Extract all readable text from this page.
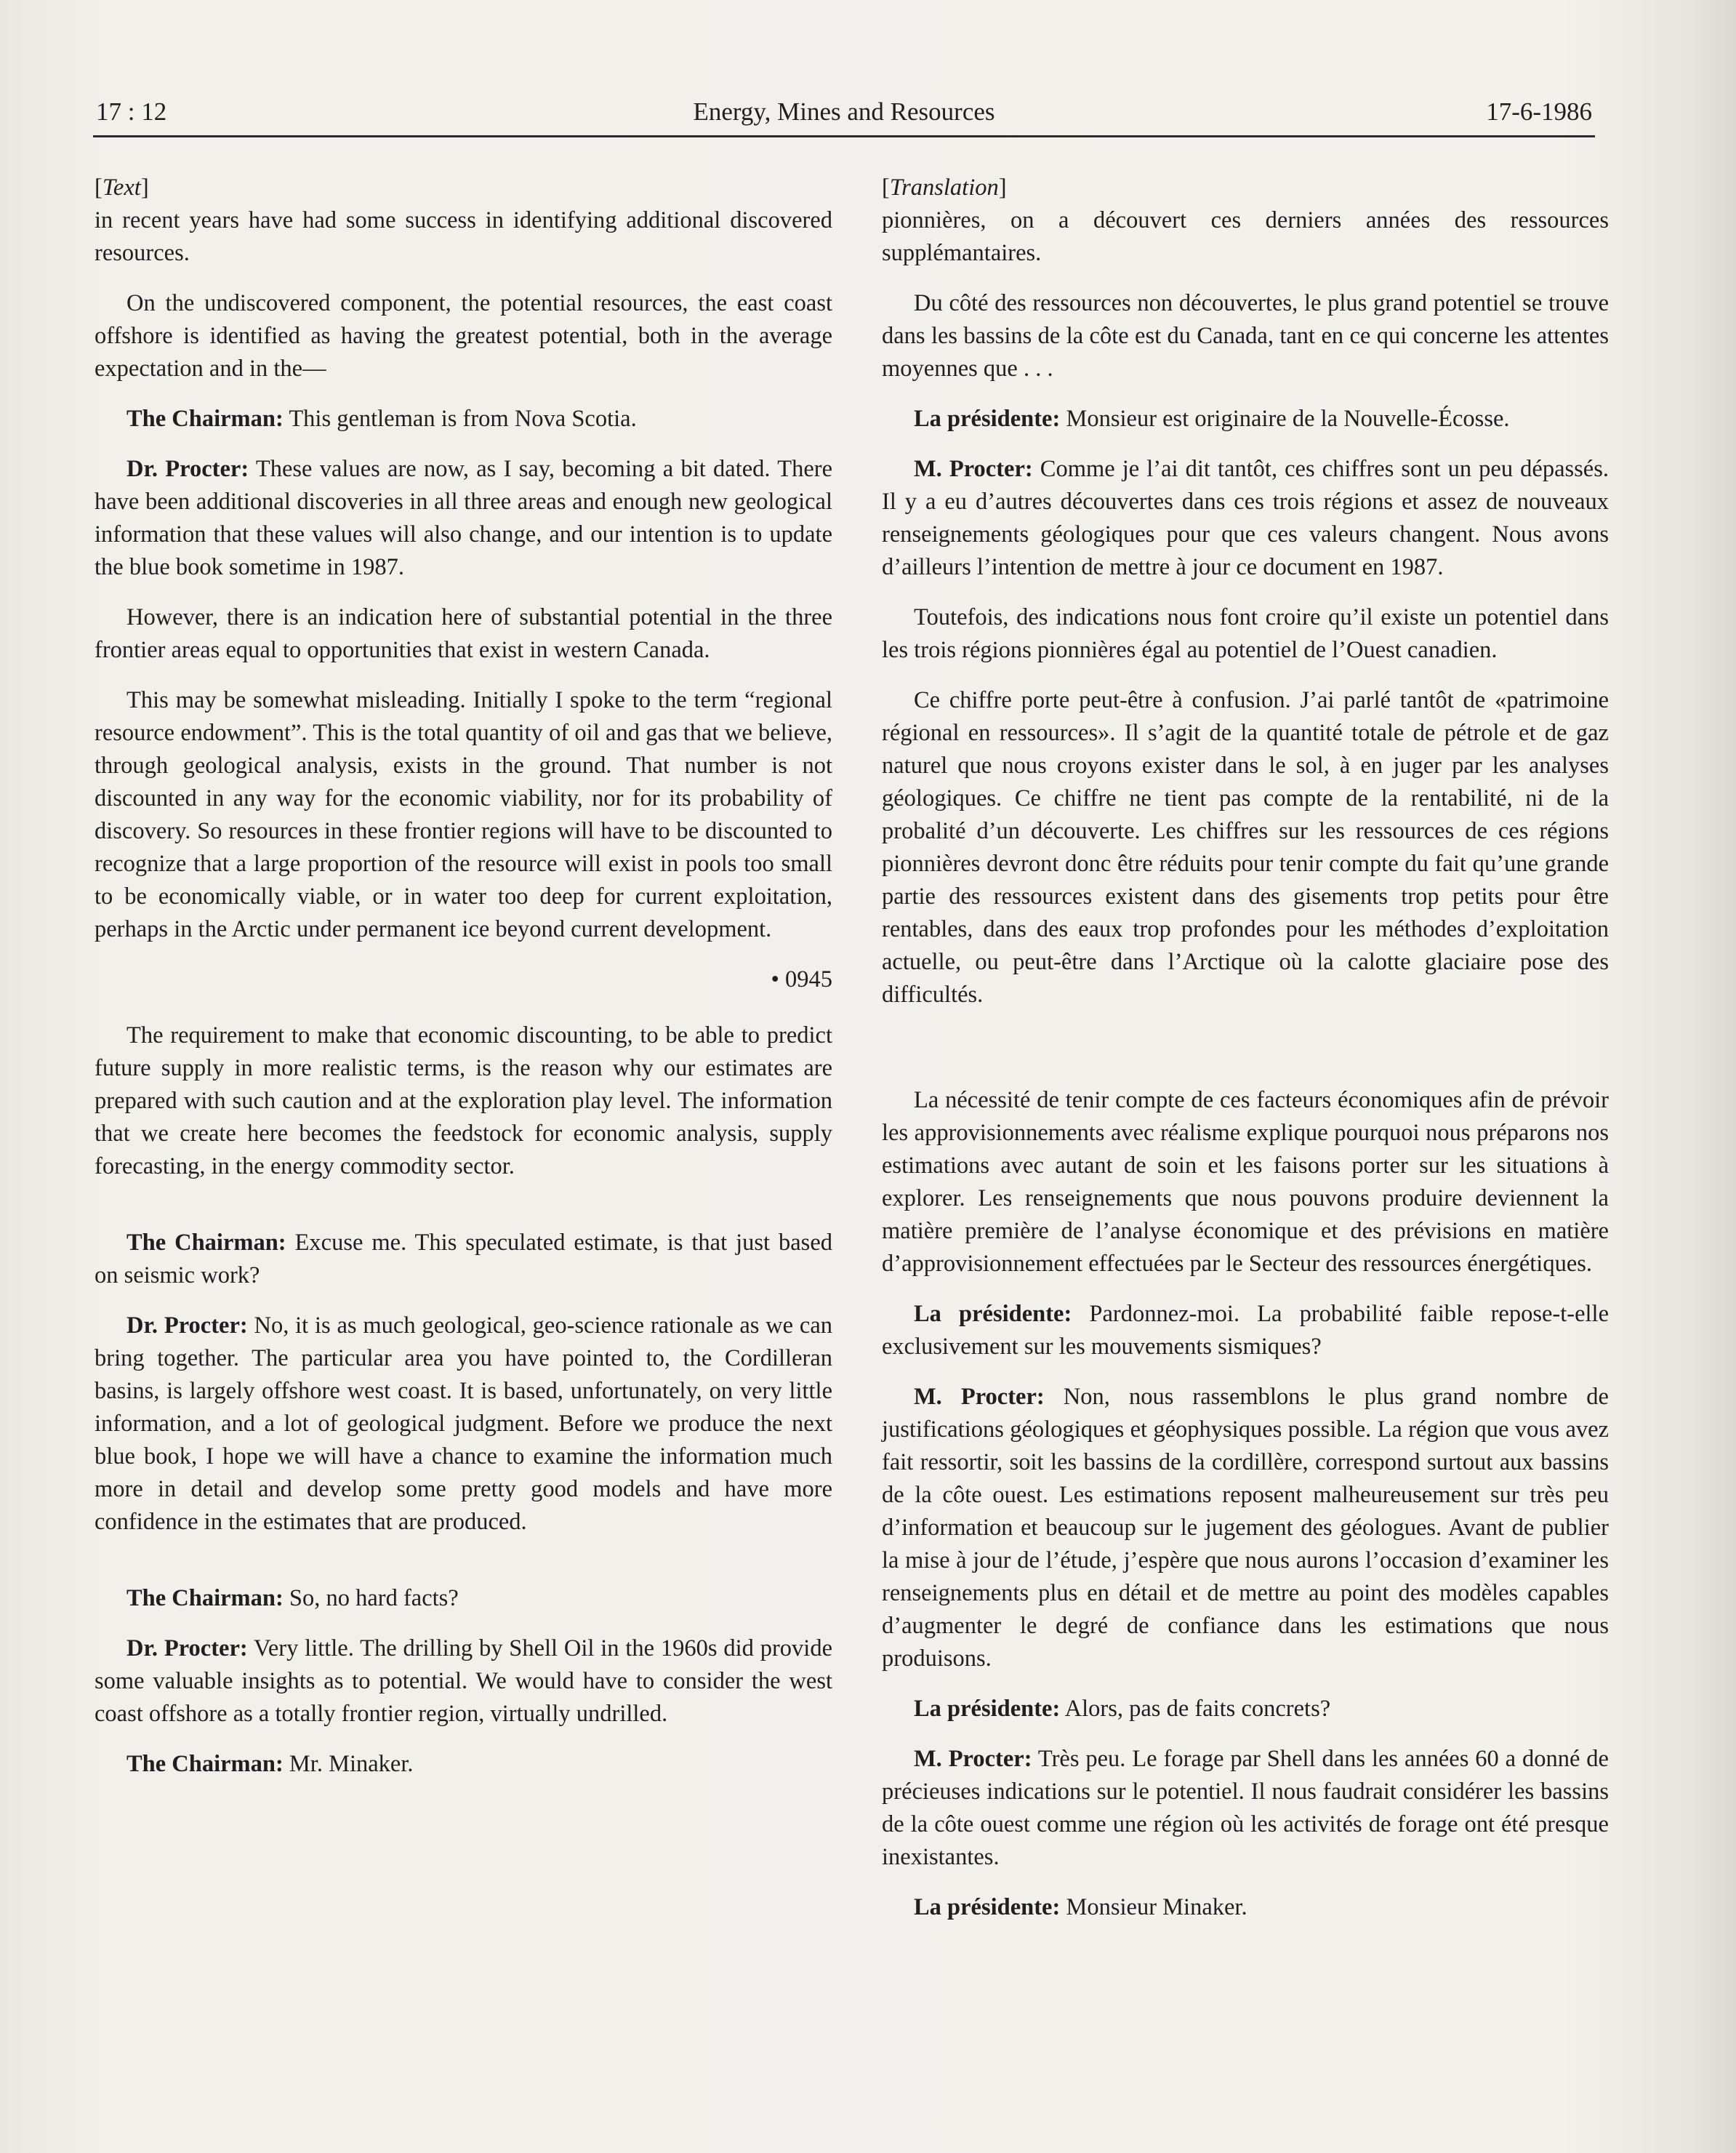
17 : 12	Energy, Mines and Resources	17-6-1986

[Text]

in recent years have had some success in identifying additional discovered resources.

On the undiscovered component, the potential resources, the east coast offshore is identified as having the greatest potential, both in the average expectation and in the—

The Chairman: This gentleman is from Nova Scotia.

Dr. Procter: These values are now, as I say, becoming a bit dated. There have been additional discoveries in all three areas and enough new geological information that these values will also change, and our intention is to update the blue book sometime in 1987.

However, there is an indication here of substantial potential in the three frontier areas equal to opportunities that exist in western Canada.

This may be somewhat misleading. Initially I spoke to the term “regional resource endowment”. This is the total quantity of oil and gas that we believe, through geological analysis, exists in the ground. That number is not discounted in any way for the economic viability, nor for its probability of discovery. So resources in these frontier regions will have to be discounted to recognize that a large proportion of the resource will exist in pools too small to be economically viable, or in water too deep for current exploitation, perhaps in the Arctic under permanent ice beyond current development.

• 0945

The requirement to make that economic discounting, to be able to predict future supply in more realistic terms, is the reason why our estimates are prepared with such caution and at the exploration play level. The information that we create here becomes the feedstock for economic analysis, supply forecasting, in the energy commodity sector.

The Chairman: Excuse me. This speculated estimate, is that just based on seismic work?

Dr. Procter: No, it is as much geological, geo-science rationale as we can bring together. The particular area you have pointed to, the Cordilleran basins, is largely offshore west coast. It is based, unfortunately, on very little information, and a lot of geological judgment. Before we produce the next blue book, I hope we will have a chance to examine the information much more in detail and develop some pretty good models and have more confidence in the estimates that are produced.

The Chairman: So, no hard facts?

Dr. Procter: Very little. The drilling by Shell Oil in the 1960s did provide some valuable insights as to potential. We would have to consider the west coast offshore as a totally frontier region, virtually undrilled.

The Chairman: Mr. Minaker.

[Translation]

pionnières, on a découvert ces derniers années des ressources supplémantaires.

Du côté des ressources non découvertes, le plus grand potentiel se trouve dans les bassins de la côte est du Canada, tant en ce qui concerne les attentes moyennes que . . .

La présidente: Monsieur est originaire de la Nouvelle-Écosse.

M. Procter: Comme je l’ai dit tantôt, ces chiffres sont un peu dépassés. Il y a eu d’autres découvertes dans ces trois régions et assez de nouveaux renseignements géologiques pour que ces valeurs changent. Nous avons d’ailleurs l’intention de mettre à jour ce document en 1987.

Toutefois, des indications nous font croire qu’il existe un potentiel dans les trois régions pionnières égal au potentiel de l’Ouest canadien.

Ce chiffre porte peut-être à confusion. J’ai parlé tantôt de «patrimoine régional en ressources». Il s’agit de la quantité totale de pétrole et de gaz naturel que nous croyons exister dans le sol, à en juger par les analyses géologiques. Ce chiffre ne tient pas compte de la rentabilité, ni de la probalité d’un découverte. Les chiffres sur les ressources de ces régions pionnières devront donc être réduits pour tenir compte du fait qu’une grande partie des ressources existent dans des gisements trop petits pour être rentables, dans des eaux trop profondes pour les méthodes d’exploitation actuelle, ou peut-être dans l’Arctique où la calotte glaciaire pose des difficultés.

La nécessité de tenir compte de ces facteurs économiques afin de prévoir les approvisionnements avec réalisme explique pourquoi nous préparons nos estimations avec autant de soin et les faisons porter sur les situations à explorer. Les renseignements que nous pouvons produire deviennent la matière première de l’analyse économique et des prévisions en matière d’approvisionnement effectuées par le Secteur des ressources énergétiques.

La présidente: Pardonnez-moi. La probabilité faible repose-t-elle exclusivement sur les mouvements sismiques?

M. Procter: Non, nous rassemblons le plus grand nombre de justifications géologiques et géophysiques possible. La région que vous avez fait ressortir, soit les bassins de la cordillère, correspond surtout aux bassins de la côte ouest. Les estimations reposent malheureusement sur très peu d’information et beaucoup sur le jugement des géologues. Avant de publier la mise à jour de l’étude, j’espère que nous aurons l’occasion d’examiner les renseignements plus en détail et de mettre au point des modèles capables d’augmenter le degré de confiance dans les estimations que nous produisons.

La présidente: Alors, pas de faits concrets?

M. Procter: Très peu. Le forage par Shell dans les années 60 a donné de précieuses indications sur le potentiel. Il nous faudrait considérer les bassins de la côte ouest comme une région où les activités de forage ont été presque inexistantes.

La présidente: Monsieur Minaker.
